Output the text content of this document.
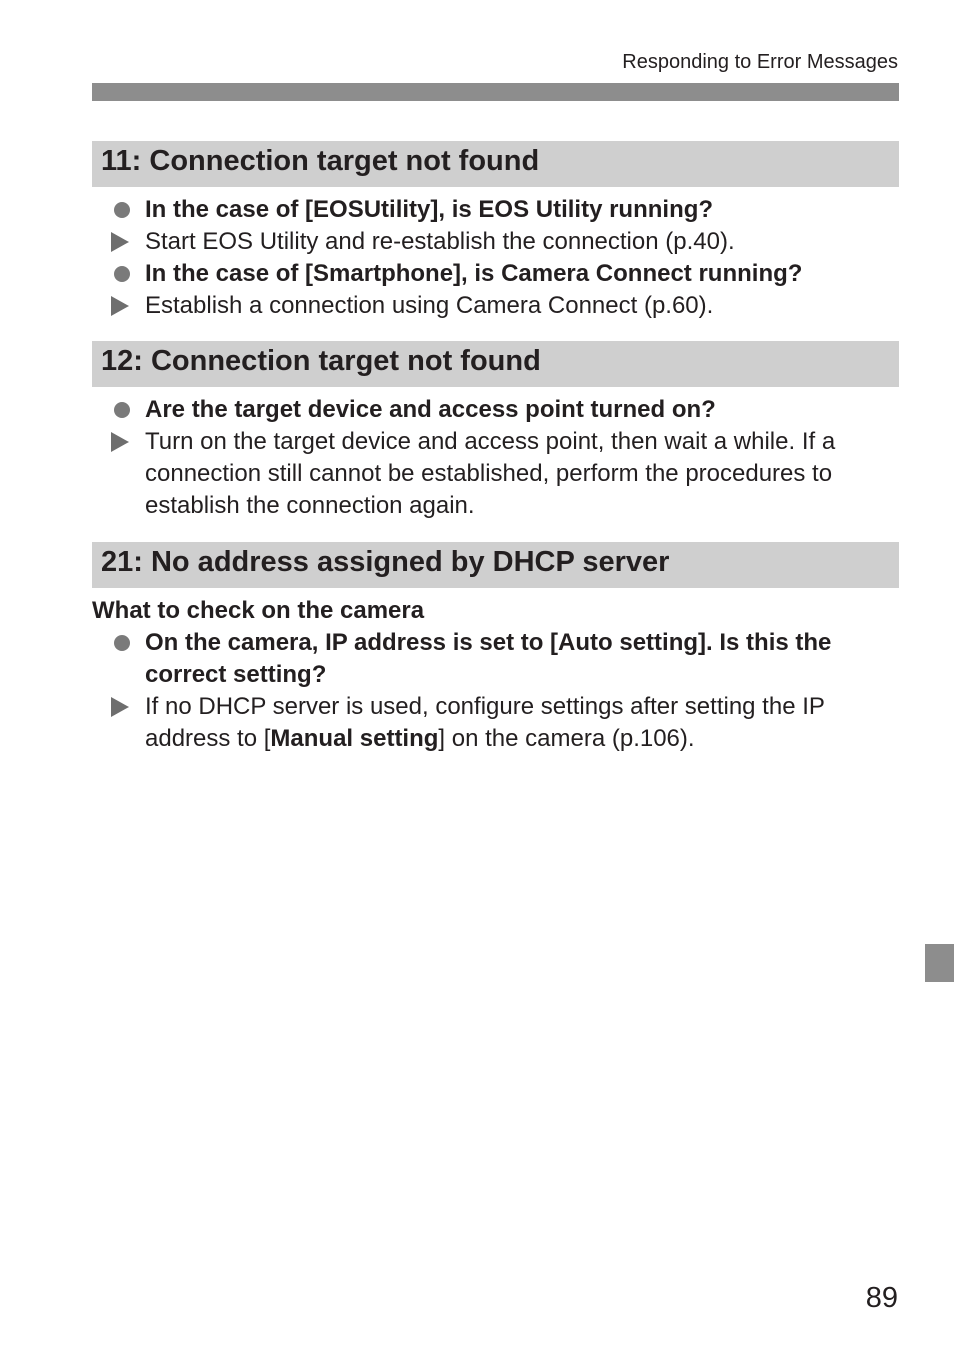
Responding to Error Messages
11: Connection target not found
In the case of [EOSUtility], is EOS Utility running?
Start EOS Utility and re-establish the connection (p.40).
In the case of [Smartphone], is Camera Connect running?
Establish a connection using Camera Connect (p.60).
12: Connection target not found
Are the target device and access point turned on?
Turn on the target device and access point, then wait a while. If a connection still cannot be established, perform the procedures to establish the connection again.
21: No address assigned by DHCP server
What to check on the camera
On the camera, IP address is set to [Auto setting]. Is this the correct setting?
If no DHCP server is used, configure settings after setting the IP address to [Manual setting] on the camera (p.106).
89
